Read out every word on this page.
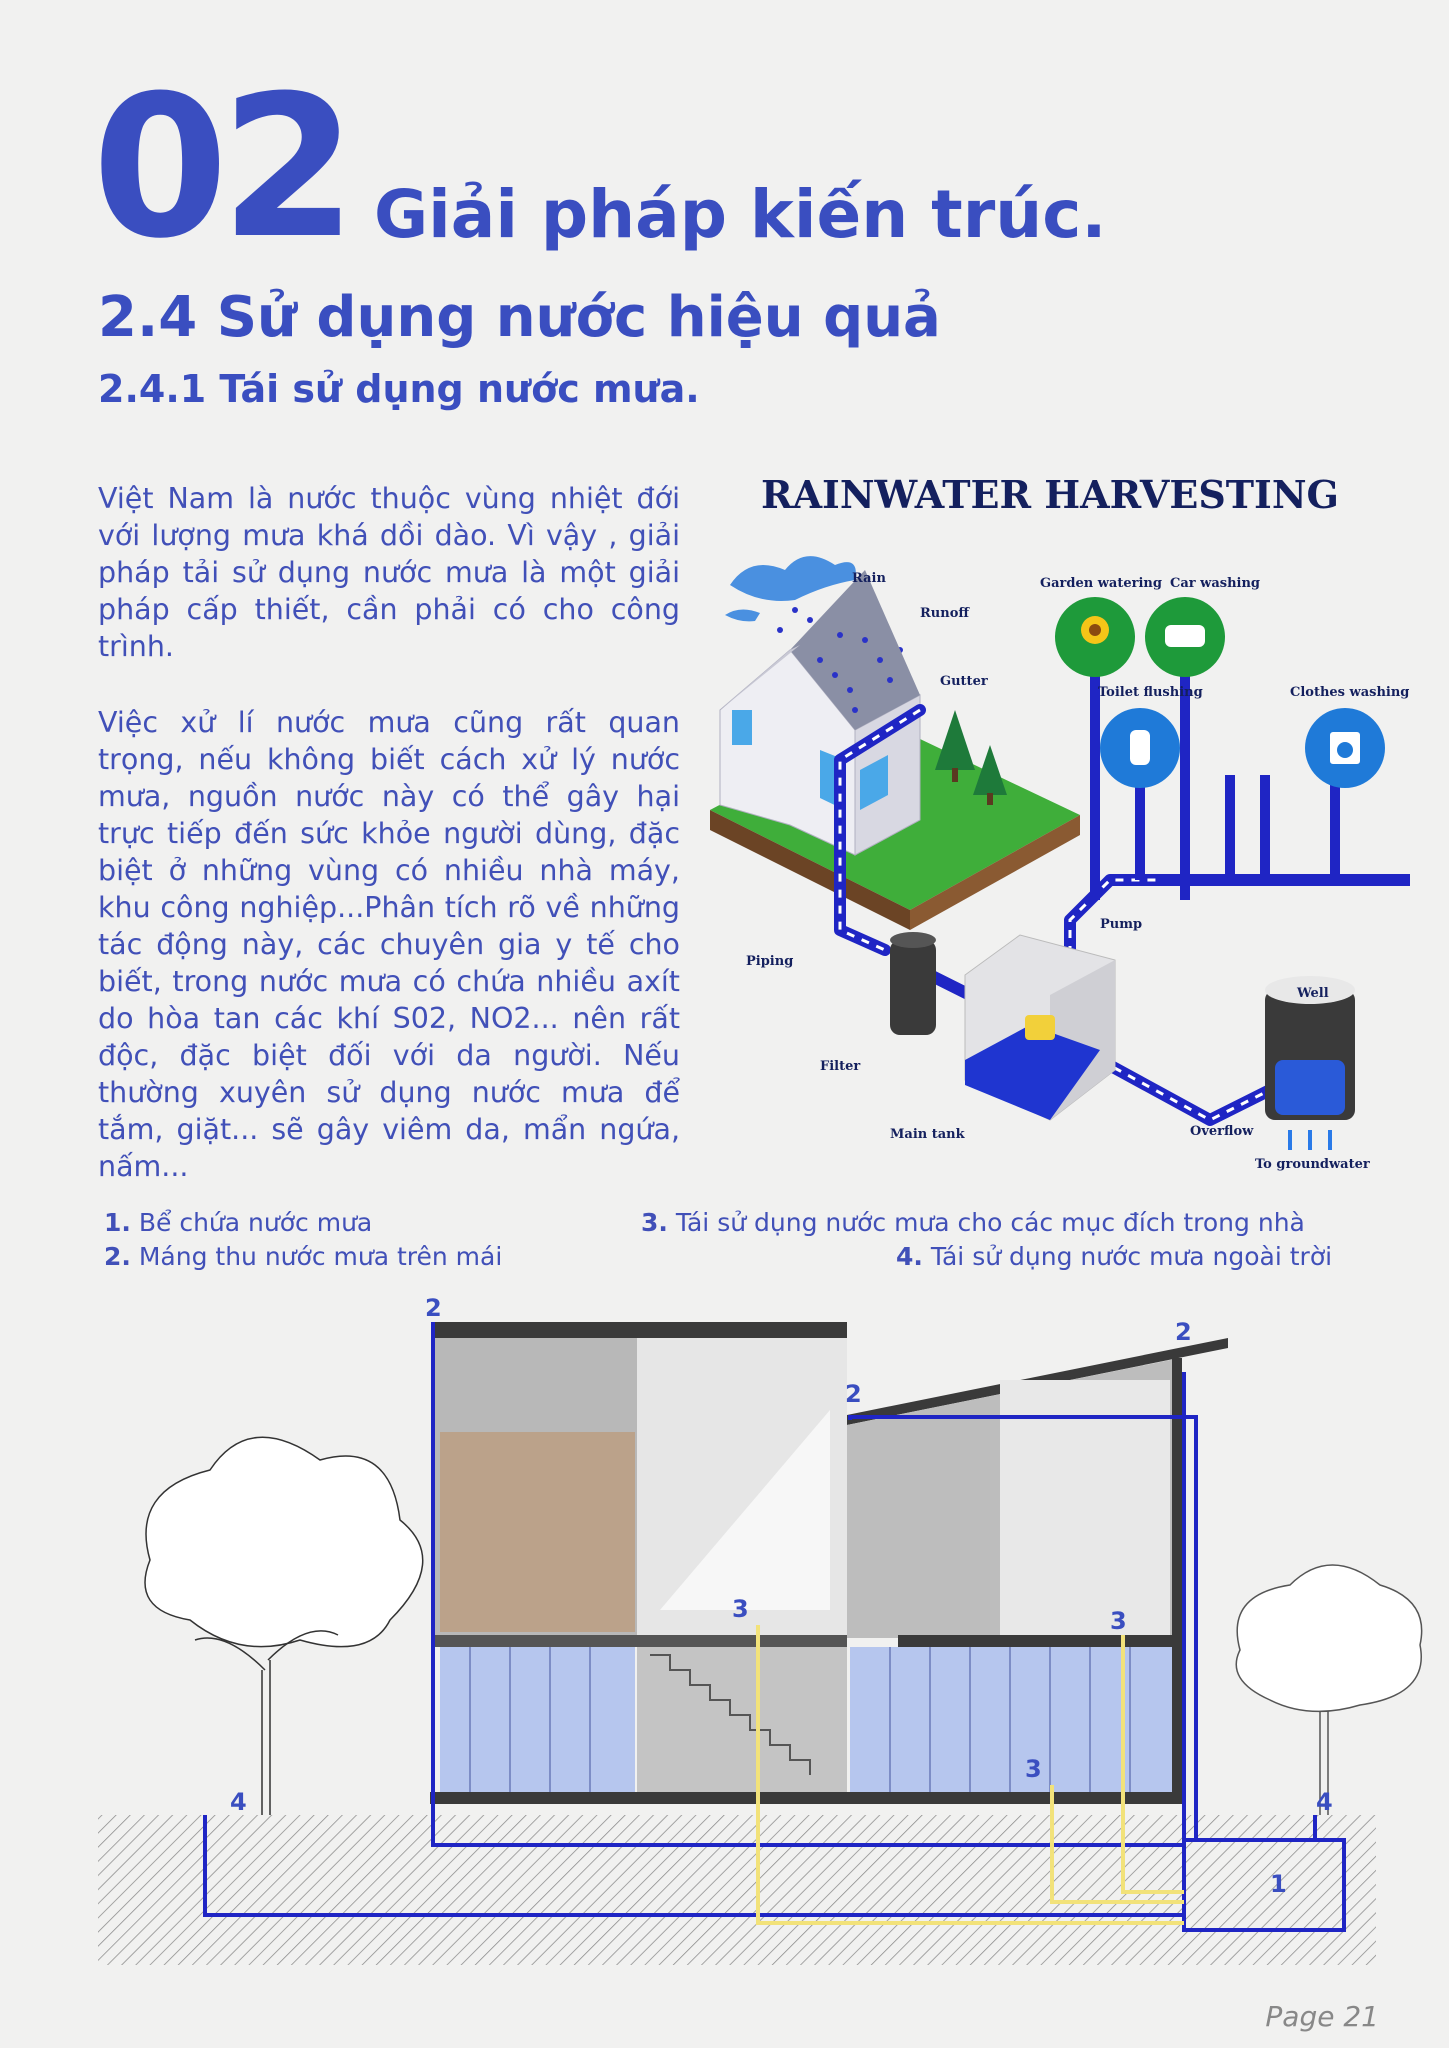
02 Giải pháp kiến trúc.
2.4 Sử dụng nước hiệu quả
2.4.1 Tái sử dụng nước mưa.

Việt Nam là nước thuộc vùng nhiệt đới với lượng mưa khá dồi dào. Vì vậy , giải pháp tải sử dụng nước mưa là một giải pháp cấp thiết, cần phải có cho công trình.

Việc xử lí nước mưa cũng rất quan trọng, nếu không biết cách xử lý nước mưa, nguồn nước này có thể gây hại trực tiếp đến sức khỏe người dùng, đặc biệt ở những vùng có nhiều nhà máy, khu công nghiệp...Phân tích rõ về những tác động này, các chuyên gia y tế cho biết, trong nước mưa có chứa nhiều axít do hòa tan các khí S02, NO2... nên rất độc, đặc biệt đối với da người. Nếu thường xuyên sử dụng nước mưa để tắm, giặt... sẽ gây viêm da, mẩn ngứa, nấm...

RAINWATER HARVESTING
Rain
Runoff
Gutter
Piping
Filter
Main tank
Pump
Overflow
Well
To groundwater
Garden watering Car washing
Toilet flushing	Clothes washing
1. Bể chứa nước mưa
2. Máng thu nước mưa trên mái
3. Tái sử dụng nước mưa cho các mục đích trong nhà
4. Tái sử dụng nước mưa ngoài trời
2
2
2
3	3
3
4	4
1
Page 21
